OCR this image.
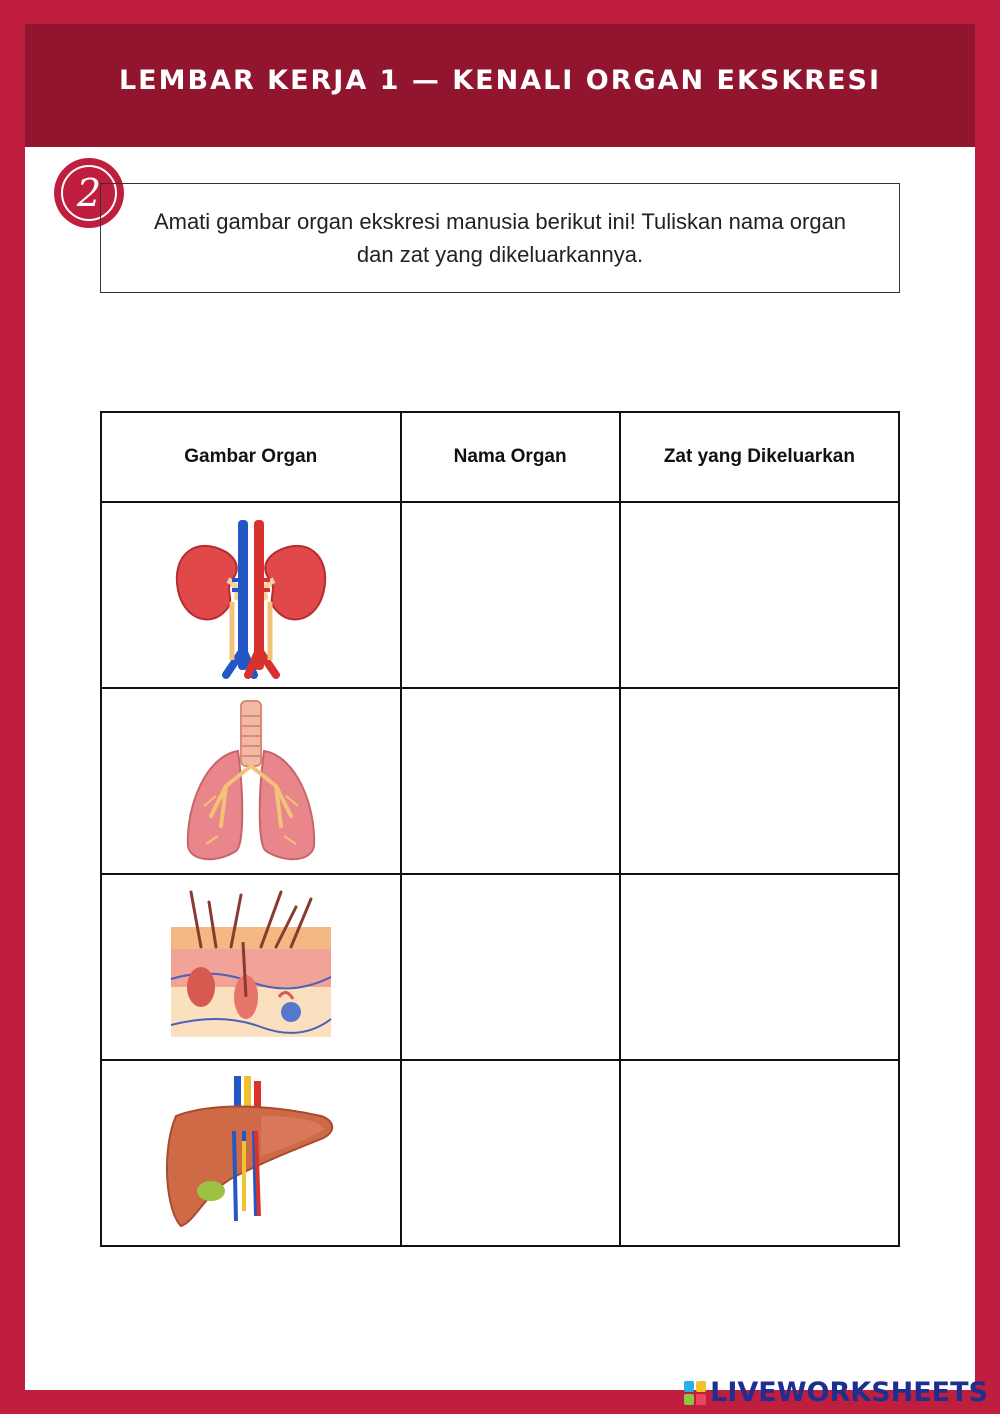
LEMBAR KERJA 1 — KENALI ORGAN EKSKRESI
2
Amati gambar organ ekskresi manusia berikut ini! Tuliskan nama organ dan zat yang dikeluarkannya.
Gambar Organ	Nama Organ	Zat yang Dikeluarkan

LIVEWORKSHEETS
